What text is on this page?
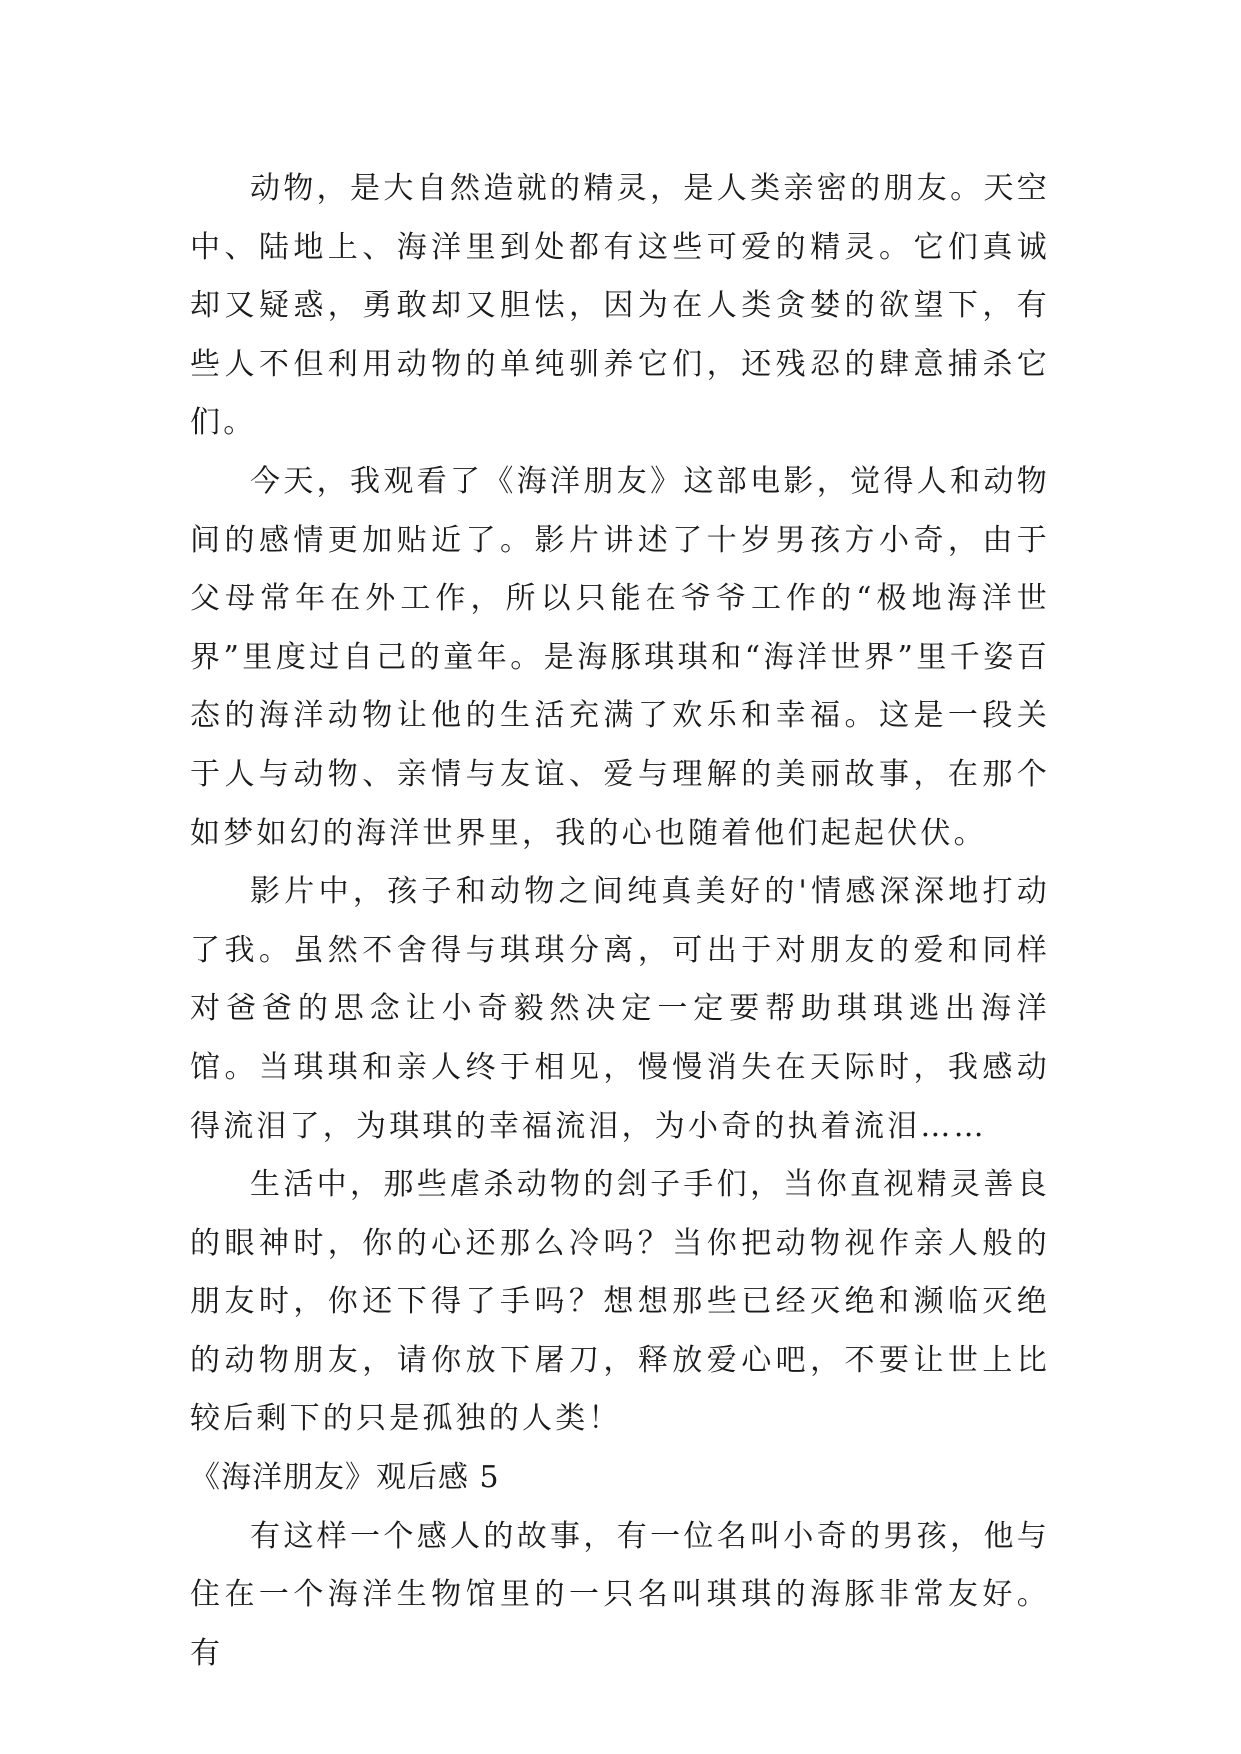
动物，是大自然造就的精灵，是人类亲密的朋友。天空中、陆地上、海洋里到处都有这些可爱的精灵。它们真诚却又疑惑，勇敢却又胆怯，因为在人类贪婪的欲望下，有些人不但利用动物的单纯驯养它们，还残忍的肆意捕杀它们。

今天，我观看了《海洋朋友》这部电影，觉得人和动物间的感情更加贴近了。影片讲述了十岁男孩方小奇，由于父母常年在外工作，所以只能在爷爷工作的“极地海洋世界”里度过自己的童年。是海豚琪琪和“海洋世界”里千姿百态的海洋动物让他的生活充满了欢乐和幸福。这是一段关于人与动物、亲情与友谊、爱与理解的美丽故事，在那个如梦如幻的海洋世界里，我的心也随着他们起起伏伏。

影片中，孩子和动物之间纯真美好的'情感深深地打动了我。虽然不舍得与琪琪分离，可出于对朋友的爱和同样对爸爸的思念让小奇毅然决定一定要帮助琪琪逃出海洋馆。当琪琪和亲人终于相见，慢慢消失在天际时，我感动得流泪了，为琪琪的幸福流泪，为小奇的执着流泪……

生活中，那些虐杀动物的刽子手们，当你直视精灵善良的眼神时，你的心还那么冷吗？当你把动物视作亲人般的朋友时，你还下得了手吗？想想那些已经灭绝和濒临灭绝的动物朋友，请你放下屠刀，释放爱心吧，不要让世上比较后剩下的只是孤独的人类！

《海洋朋友》观后感 5

有这样一个感人的故事，有一位名叫小奇的男孩，他与住在一个海洋生物馆里的一只名叫琪琪的海豚非常友好。有
